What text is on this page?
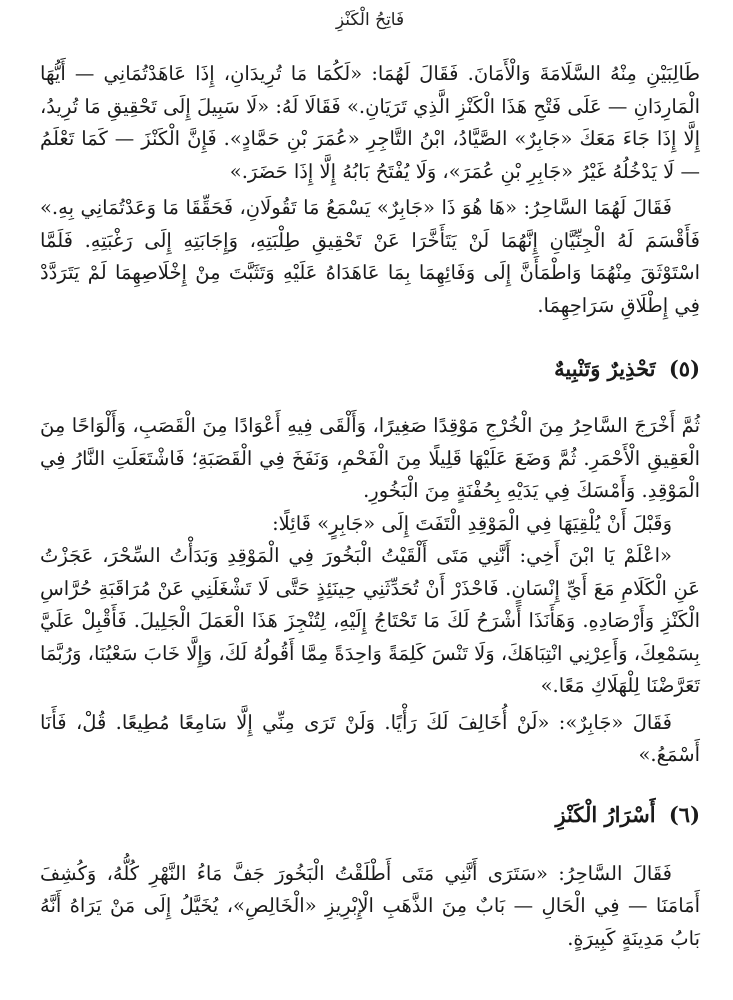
فَاتِحُ الْكَنْزِ

طَالِبَيْنِ مِنْهُ السَّلَامَةَ وَالْأَمَانَ. فَقَالَ لَهُمَا: «لَكُمَا مَا تُرِيدَانِ، إِذَا عَاهَدْتُمَانِي — أَيُّهَا الْمَارِدَانِ — عَلَى فَتْحِ هَذَا الْكَنْزِ الَّذِي تَرَيَانِ.» فَقَالَا لَهُ: «لَا سَبِيلَ إِلَى تَحْقِيقِ مَا تُرِيدُ، إِلَّا إِذَا جَاءَ مَعَكَ «جَابِرٌ» الصَّيَّادُ، ابْنُ التَّاجِرِ «عُمَرَ بْنِ حَمَّادٍ». فَإِنَّ الْكَنْزَ — كَمَا تَعْلَمُ — لَا يَدْخُلُهُ غَيْرُ «جَابِرِ بْنِ عُمَرَ»، وَلَا يُفْتَحُ بَابُهُ إِلَّا إِذَا حَضَرَ.»

فَقَالَ لَهُمَا السَّاحِرُ: «هَا هُوَ ذَا «جَابِرٌ» يَسْمَعُ مَا تَقُولَانِ، فَحَقِّقَا مَا وَعَدْتُمَانِي بِهِ.» فَأَقْسَمَ لَهُ الْجِنِّيَّانِ إِنَّهُمَا لَنْ يَتَأَخَّرَا عَنْ تَحْقِيقِ طِلْبَتِهِ، وَإِجَابَتِهِ إِلَى رَغْبَتِهِ. فَلَمَّا اسْتَوْثَقَ مِنْهُمَا وَاطْمَأَنَّ إِلَى وَفَائِهِمَا بِمَا عَاهَدَاهُ عَلَيْهِ وَتَثَبَّتَ مِنْ إِخْلَاصِهِمَا لَمْ يَتَرَدَّدْ فِي إِطْلَاقِ سَرَاحِهِمَا.

(٥) تَحْذِيرٌ وَتَنْبِيهٌ

ثُمَّ أَخْرَجَ السَّاحِرُ مِنَ الْخُرْجِ مَوْقِدًا صَغِيرًا، وَأَلْقَى فِيهِ أَعْوَادًا مِنَ الْقَصَبِ، وَأَلْوَاحًا مِنَ الْعَقِيقِ الْأَحْمَرِ. ثُمَّ وَضَعَ عَلَيْهَا قَلِيلًا مِنَ الْفَحْمِ، وَنَفَخَ فِي الْقَصَبَةِ؛ فَاشْتَعَلَتِ النَّارُ فِي الْمَوْقِدِ. وَأَمْسَكَ فِي يَدَيْهِ بِحُفْنَةٍ مِنَ الْبَخُورِ.

وَقَبْلَ أَنْ يُلْقِيَهَا فِي الْمَوْقِدِ الْتَفَتَ إِلَى «جَابِرٍ» قَائِلًا:

«اعْلَمْ يَا ابْنَ أَخِي: أَنَّنِي مَتَى أَلْقَيْتُ الْبَخُورَ فِي الْمَوْقِدِ وَبَدَأْتُ السِّحْرَ، عَجَزْتُ عَنِ الْكَلَامِ مَعَ أَيِّ إِنْسَانٍ. فَاحْذَرْ أَنْ تُحَدِّثَنِي حِينَئِذٍ حَتَّى لَا تَشْغَلَنِي عَنْ مُرَاقَبَةِ حُرَّاسِ الْكَنْزِ وَأَرْصَادِهِ. وَهَأَنَذَا أَشْرَحُ لَكَ مَا تَحْتَاجُ إِلَيْهِ، لِتُنْجِزَ هَذَا الْعَمَلَ الْجَلِيلَ. فَأَقْبِلْ عَلَيَّ بِسَمْعِكَ، وَأَعِرْنِي انْتِبَاهَكَ، وَلَا تَنْسَ كَلِمَةً وَاحِدَةً مِمَّا أَقُولُهُ لَكَ، وَإِلَّا خَابَ سَعْيُنَا، وَرُبَّمَا تَعَرَّضْنَا لِلْهَلَاكِ مَعًا.»

فَقَالَ «جَابِرٌ»: «لَنْ أُخَالِفَ لَكَ رَأْيًا. وَلَنْ تَرَى مِنِّي إِلَّا سَامِعًا مُطِيعًا. قُلْ، فَأَنَا أَسْمَعُ.»

(٦) أَسْرَارُ الْكَنْزِ

فَقَالَ السَّاحِرُ: «سَتَرَى أَنَّنِي مَتَى أَطْلَقْتُ الْبَخُورَ جَفَّ مَاءُ النَّهْرِ كُلُّهُ، وَكُشِفَ أَمَامَنَا — فِي الْحَالِ — بَابٌ مِنَ الذَّهَبِ الْإِبْرِيزِ «الْخَالِصِ»، يُخَيَّلُ إِلَى مَنْ يَرَاهُ أَنَّهُ بَابُ مَدِينَةٍ كَبِيرَةٍ.
